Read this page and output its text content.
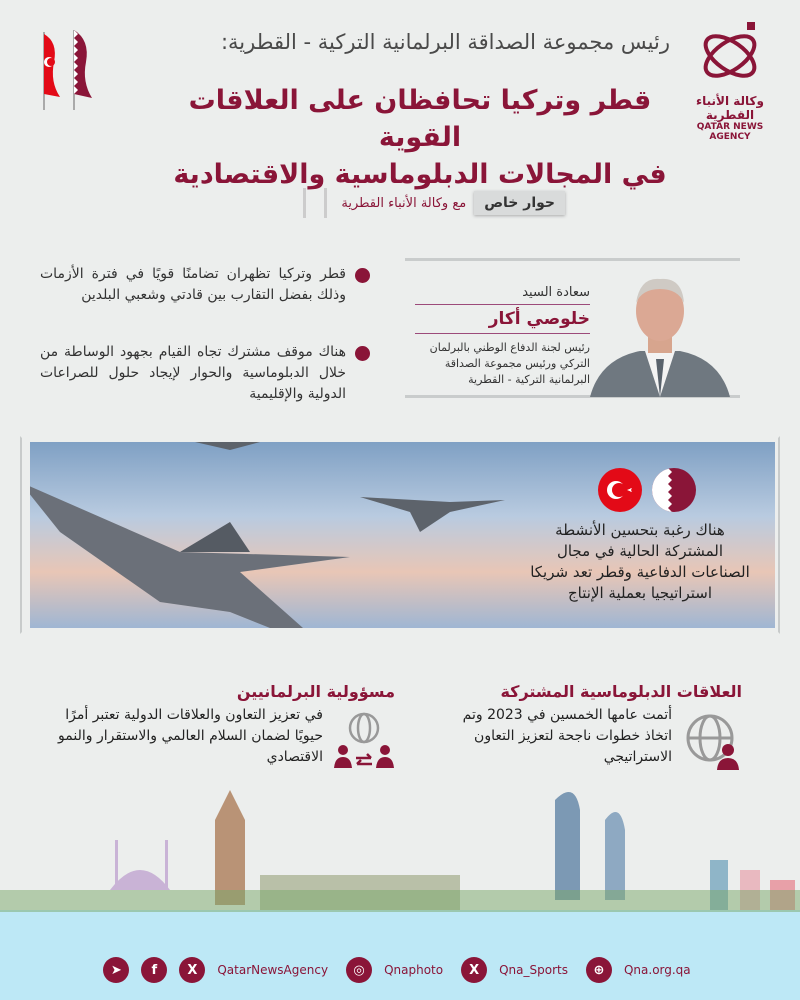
وكالة الأنباء القطرية
QATAR NEWS AGENCY
رئيس مجموعة الصداقة البرلمانية التركية - القطرية:
قطر وتركيا تحافظان على العلاقات القوية
في المجالات الدبلوماسية والاقتصادية
حوار خاص
مع وكالة الأنباء القطرية
قطر وتركيا تظهران تضامنًا قويًا في فترة الأزمات وذلك بفضل التقارب بين قادتي وشعبي البلدين
هناك موقف مشترك تجاه القيام بجهود الوساطة من خلال الدبلوماسية والحوار لإيجاد حلول للصراعات الدولية والإقليمية
سعادة السيد
خلوصي أكار
رئيس لجنة الدفاع الوطني بالبرلمان التركي ورئيس مجموعة الصداقة البرلمانية التركية - القطرية
هناك رغبة بتحسين الأنشطة المشتركة الحالية في مجال الصناعات الدفاعية وقطر تعد شريكا استراتيجيا بعملية الإنتاج
العلاقات الدبلوماسية المشتركة
أتمت عامها الخمسين في 2023 وتم اتخاذ خطوات ناجحة لتعزيز التعاون الاستراتيجي
مسؤولية البرلمانيين
في تعزيز التعاون والعلاقات الدولية تعتبر أمرًا حيويًا لضمان السلام العالمي والاستقرار والنمو الاقتصادي
➤	f	X	QatarNewsAgency	◎	Qnaphoto	X	Qna_Sports	⊕	Qna.org.qa
